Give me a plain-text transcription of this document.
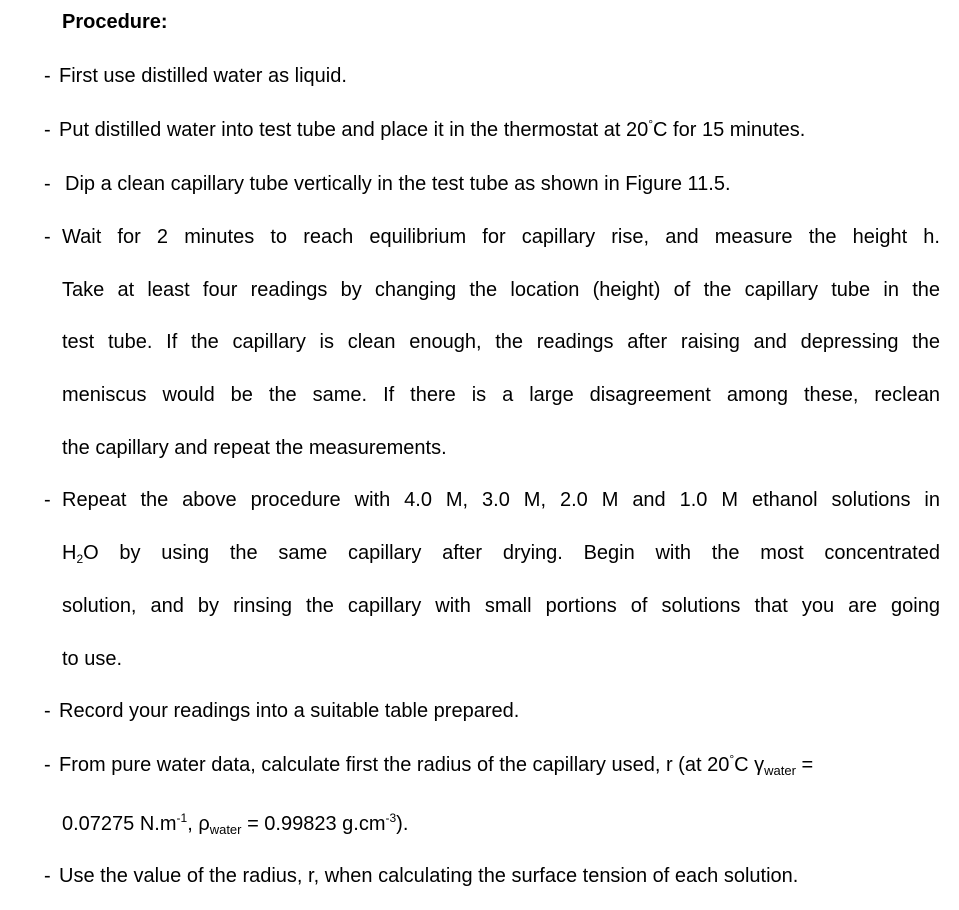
Procedure:
- First use distilled water as liquid.
- Put distilled water into test tube and place it in the thermostat at 20°C for 15 minutes.
- Dip a clean capillary tube vertically in the test tube as shown in Figure 11.5.
- Wait for 2 minutes to reach equilibrium for capillary rise, and measure the height h.
Take at least four readings by changing the location (height) of the capillary tube in the
test tube. If the capillary is clean enough, the readings after raising and depressing the
meniscus would be the same. If there is a large disagreement among these, reclean
the capillary and repeat the measurements.
- Repeat the above procedure with 4.0 M, 3.0 M, 2.0 M and 1.0 M ethanol solutions in
$H_2O$ by using the same capillary after drying. Begin with the most concentrated
solution, and by rinsing the capillary with small portions of solutions that you are going
to use.
- Record your readings into a suitable table prepared.
- From pure water data, calculate first the radius of the capillary used, r (at 20°C $\gamma_{water}$ =
0.07275 $N.m^{-1}$, $\rho_{water} = 0.99823$ $g.cm^{-3}$).
- Use the value of the radius, r, when calculating the surface tension of each solution.
